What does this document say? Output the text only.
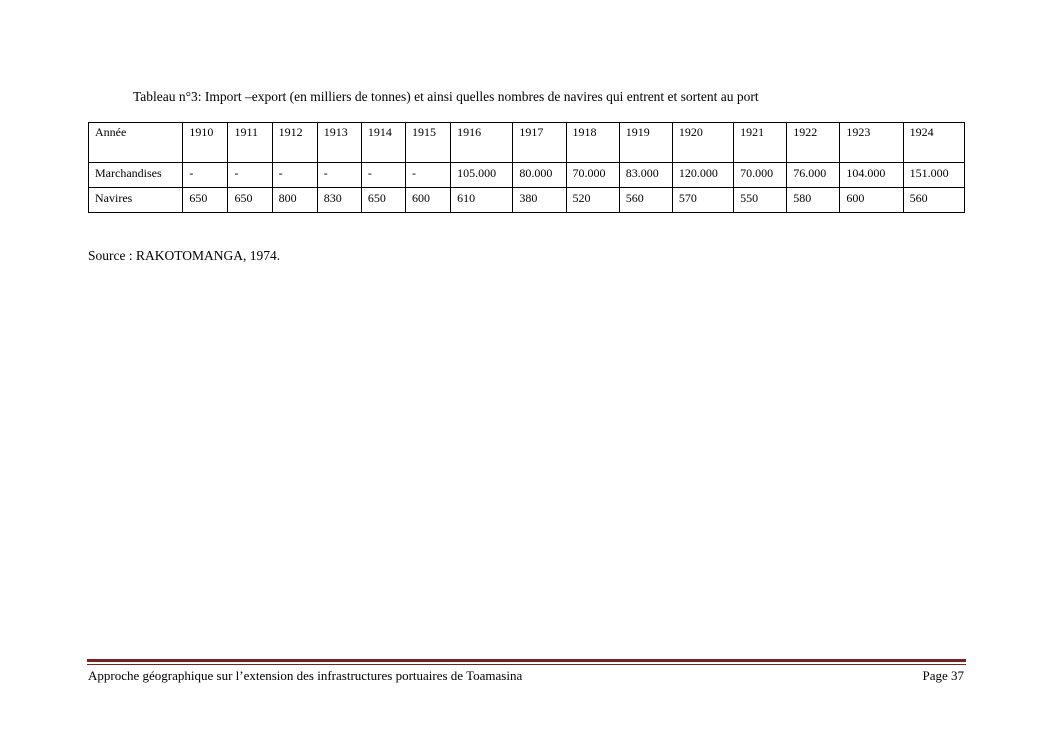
Tableau n°3: Import –export (en milliers de tonnes) et ainsi quelles nombres de navires qui entrent et sortent au port
Année	1910	1911	1912	1913	1914	1915	1916	1917	1918	1919	1920	1921	1922	1923	1924
Marchandises	-	-	-	-	-	-	105.000	80.000	70.000	83.000	120.000	70.000	76.000	104.000	151.000
Navires	650	650	800	830	650	600	610	380	520	560	570	550	580	600	560
Source : RAKOTOMANGA, 1974.
Approche géographique sur l’extension des infrastructures portuaires de Toamasina	Page 37
